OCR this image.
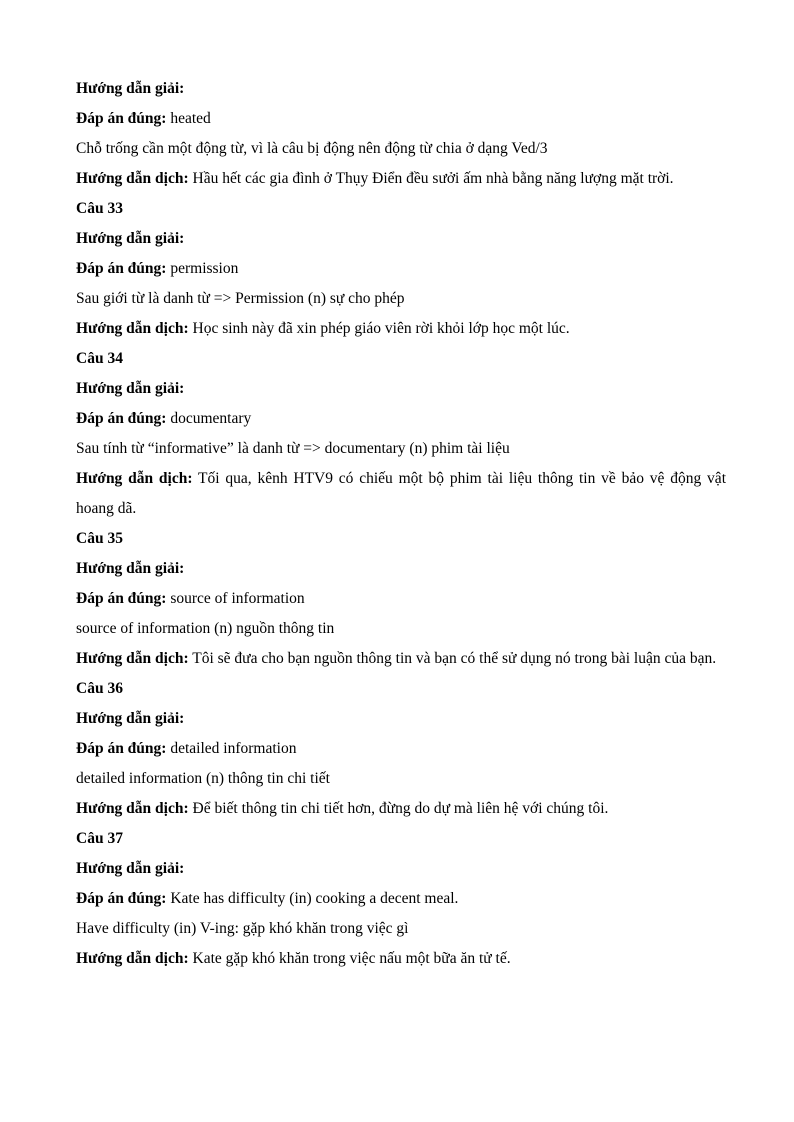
Hướng dẫn giải:
Đáp án đúng: heated
Chỗ trống cần một động từ, vì là câu bị động nên động từ chia ở dạng Ved/3
Hướng dẫn dịch: Hầu hết các gia đình ở Thụy Điển đều sưởi ấm nhà bằng năng lượng mặt trời.
Câu 33
Hướng dẫn giải:
Đáp án đúng: permission
Sau giới từ là danh từ => Permission (n) sự cho phép
Hướng dẫn dịch: Học sinh này đã xin phép giáo viên rời khỏi lớp học một lúc.
Câu 34
Hướng dẫn giải:
Đáp án đúng: documentary
Sau tính từ “informative” là danh từ => documentary (n) phim tài liệu
Hướng dẫn dịch: Tối qua, kênh HTV9 có chiếu một bộ phim tài liệu thông tin về bảo vệ động vật hoang dã.
Câu 35
Hướng dẫn giải:
Đáp án đúng: source of information
source of information (n) nguồn thông tin
Hướng dẫn dịch: Tôi sẽ đưa cho bạn nguồn thông tin và bạn có thể sử dụng nó trong bài luận của bạn.
Câu 36
Hướng dẫn giải:
Đáp án đúng: detailed information
detailed information (n) thông tin chi tiết
Hướng dẫn dịch: Để biết thông tin chi tiết hơn, đừng do dự mà liên hệ với chúng tôi.
Câu 37
Hướng dẫn giải:
Đáp án đúng: Kate has difficulty (in) cooking a decent meal.
Have difficulty (in) V-ing: gặp khó khăn trong việc gì
Hướng dẫn dịch: Kate gặp khó khăn trong việc nấu một bữa ăn tử tế.
